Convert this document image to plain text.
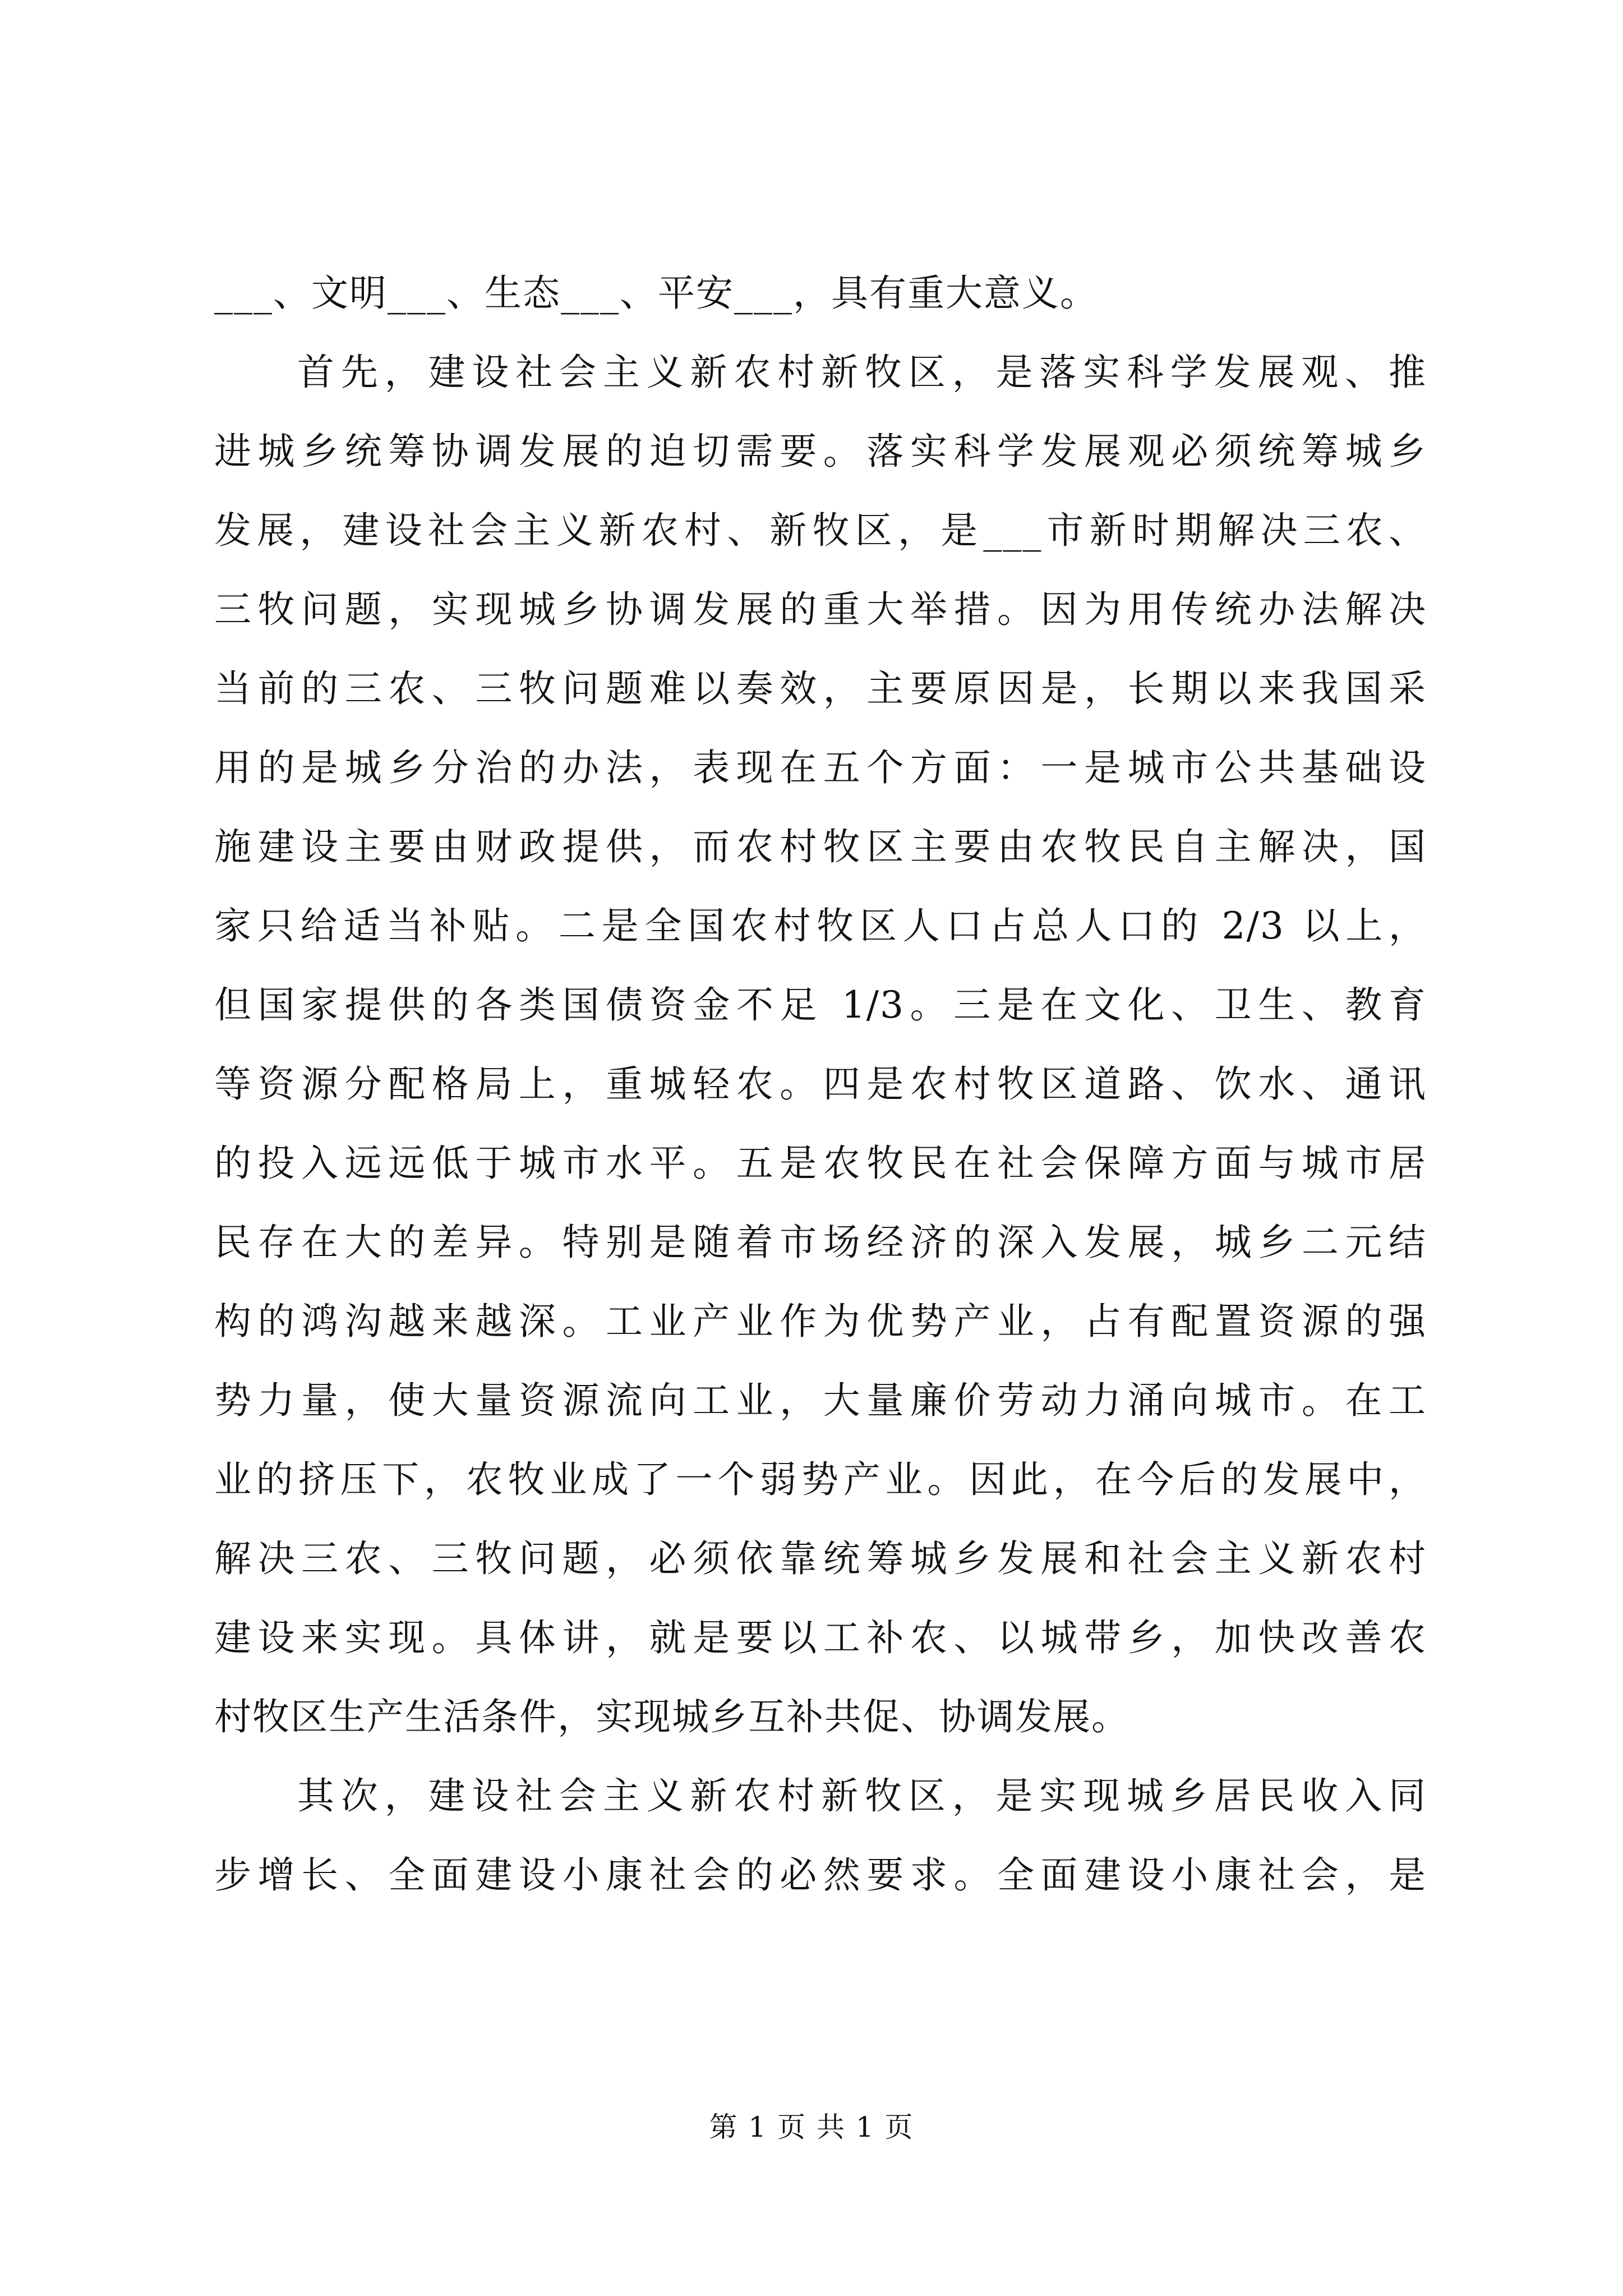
___、文明___、生态___、平安___，具有重大意义。
首先，建设社会主义新农村新牧区，是落实科学发展观、推
进城乡统筹协调发展的迫切需要。落实科学发展观必须统筹城乡
发展，建设社会主义新农村、新牧区，是___市新时期解决三农、
三牧问题，实现城乡协调发展的重大举措。因为用传统办法解决
当前的三农、三牧问题难以奏效，主要原因是，长期以来我国采
用的是城乡分治的办法，表现在五个方面：一是城市公共基础设
施建设主要由财政提供，而农村牧区主要由农牧民自主解决，国
家只给适当补贴。二是全国农村牧区人口占总人口的 2/3 以上，
但国家提供的各类国债资金不足 1/3。三是在文化、卫生、教育
等资源分配格局上，重城轻农。四是农村牧区道路、饮水、通讯
的投入远远低于城市水平。五是农牧民在社会保障方面与城市居
民存在大的差异。特别是随着市场经济的深入发展，城乡二元结
构的鸿沟越来越深。工业产业作为优势产业，占有配置资源的强
势力量，使大量资源流向工业，大量廉价劳动力涌向城市。在工
业的挤压下，农牧业成了一个弱势产业。因此，在今后的发展中，
解决三农、三牧问题，必须依靠统筹城乡发展和社会主义新农村
建设来实现。具体讲，就是要以工补农、以城带乡，加快改善农
村牧区生产生活条件，实现城乡互补共促、协调发展。
其次，建设社会主义新农村新牧区，是实现城乡居民收入同
步增长、全面建设小康社会的必然要求。全面建设小康社会，是
第 1 页 共 1 页
